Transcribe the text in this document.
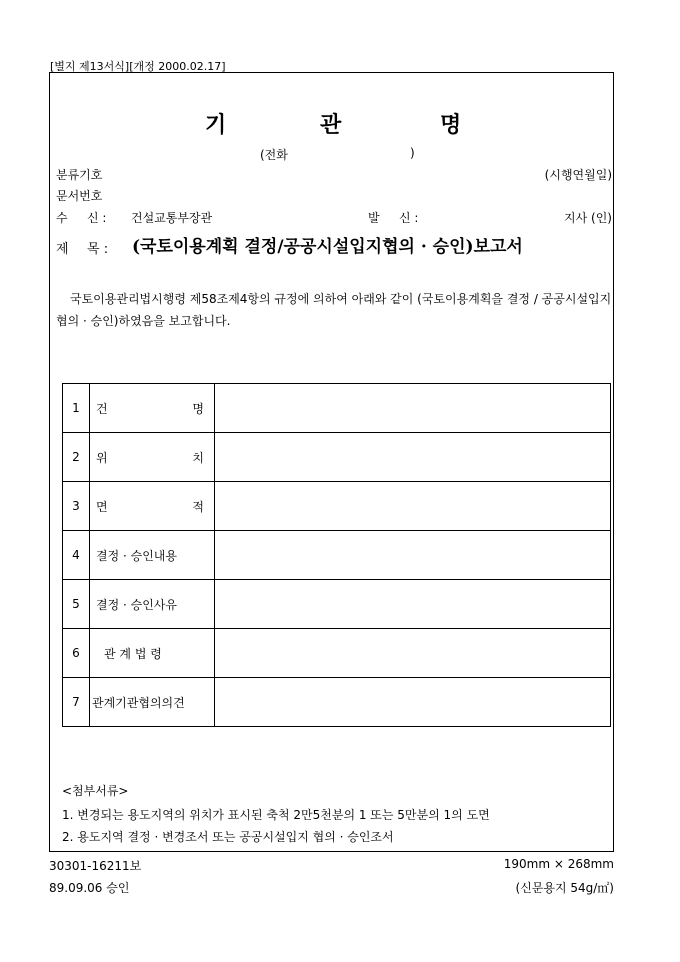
[별지 제13서식][개정 2000.02.17]
기	관	명
(전화	)
분류기호	(시행연월일)
문서번호
수 신 : 건설교통부장관	발 신 :	지사 (인)
제 목 : (국토이용계획 결정/공공시설입지협의 · 승인)보고서
국토이용관리법시행령 제58조제4항의 규정에 의하여 아래와 같이 (국토이용계획을 결정 / 공공시설입지협의 · 승인)하였음을 보고합니다.
1	건 명	

2	위 치	

3	면 적	

4	결정 · 승인내용	
5	결정 · 승인사유	
6	관 계 법 령	
7	관계기관협의의견	
<첨부서류>
1. 변경되는 용도지역의 위치가 표시된 축척 2만5천분의 1 또는 5만분의 1의 도면
2. 용도지역 결정 · 변경조서 또는 공공시설입지 협의 · 승인조서
30301-16211보
89.09.06 승인
190mm × 268mm
(신문용지 54g/㎡)
